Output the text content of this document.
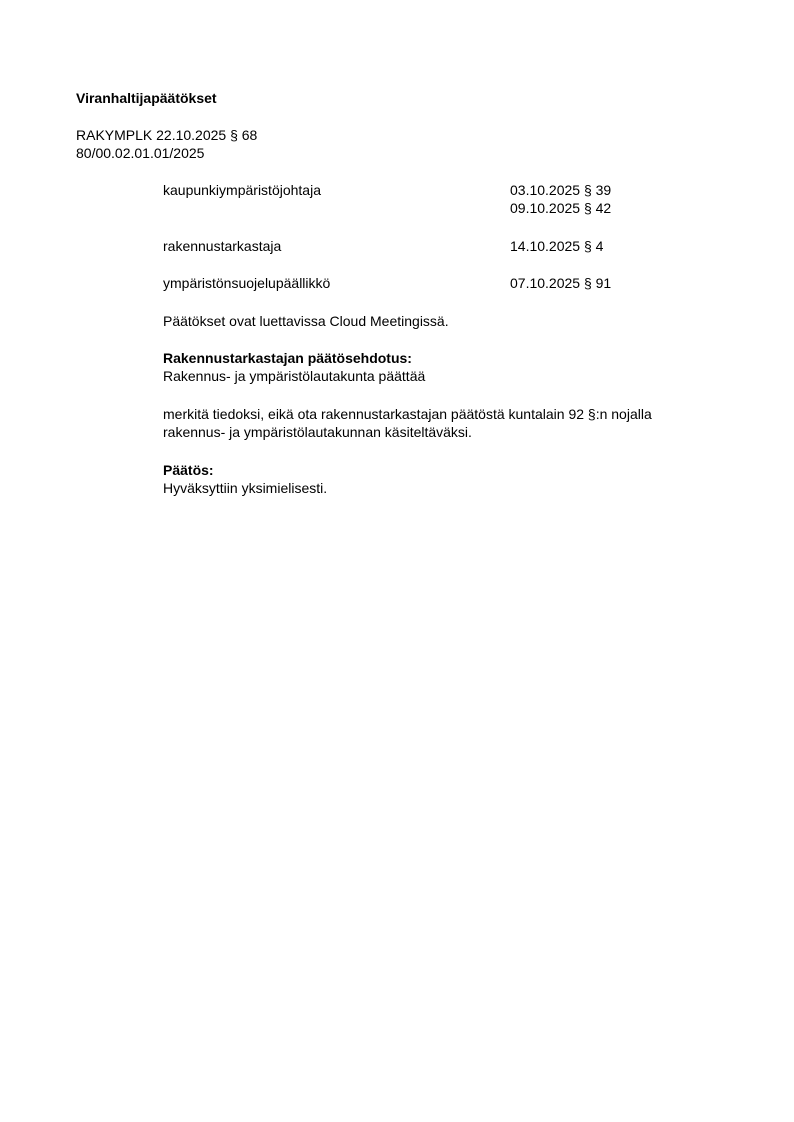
Viranhaltijapäätökset
RAKYMPLK 22.10.2025 § 68
80/00.02.01.01/2025
kaupunkiympäristöjohtaja	03.10.2025 § 39
09.10.2025 § 42
rakennustarkastaja	14.10.2025 § 4
ympäristönsuojelupäällikkö	07.10.2025 § 91

Päätökset ovat luettavissa Cloud Meetingissä.

Rakennustarkastajan päätösehdotus:

Rakennus- ja ympäristölautakunta päättää

merkitä tiedoksi, eikä ota rakennustarkastajan päätöstä kuntalain 92 §:n nojalla

rakennus- ja ympäristölautakunnan käsiteltäväksi.

Päätös:

Hyväksyttiin yksimielisesti.
